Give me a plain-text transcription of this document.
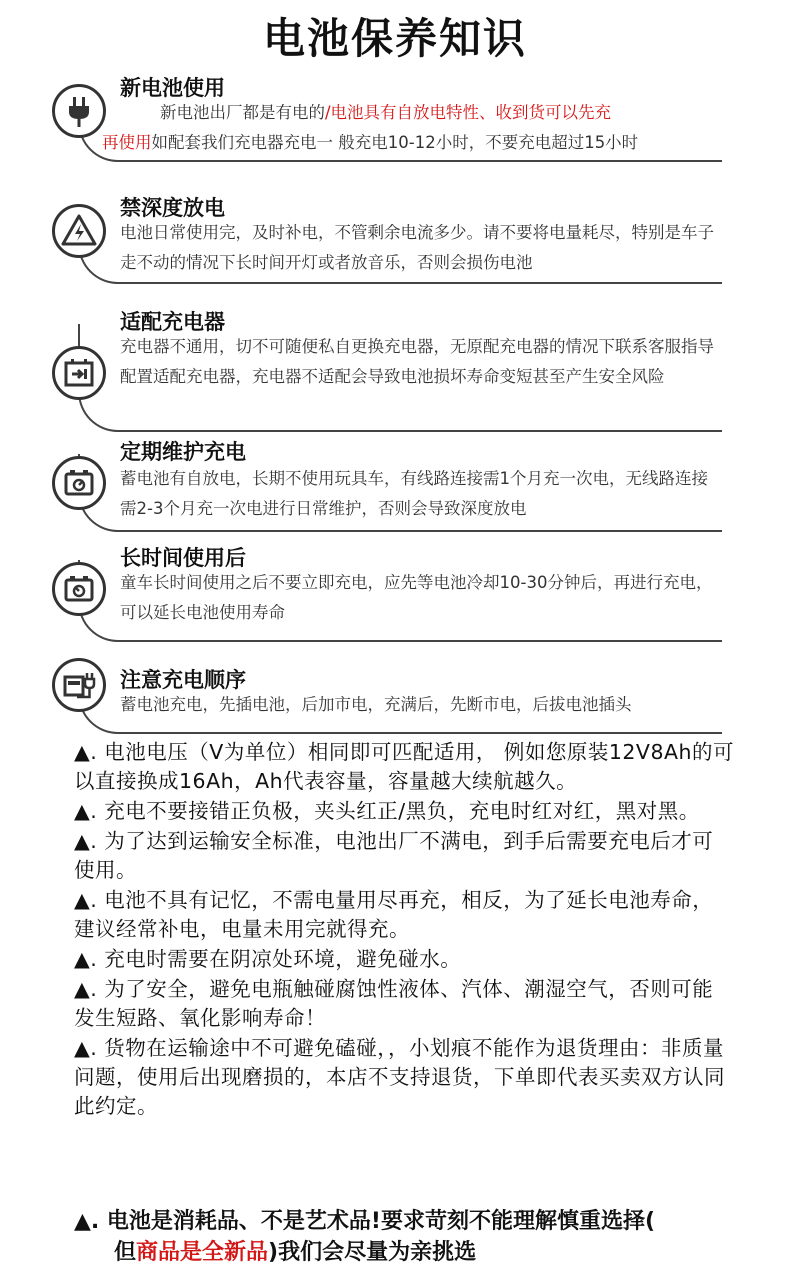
电池保养知识
新电池使用
新电池出厂都是有电的/电池具有自放电特性、收到货可以先充
再使用如配套我们充电器充电一 般充电10-12小时，不要充电超过15小时
禁深度放电
电池日常使用完，及时补电，不管剩余电流多少。请不要将电量耗尽，特别是车子走不动的情况下长时间开灯或者放音乐，否则会损伤电池
适配充电器
充电器不通用，切不可随便私自更换充电器，无原配充电器的情况下联系客服指导配置适配充电器，充电器不适配会导致电池损坏寿命变短甚至产生安全风险
定期维护充电
蓄电池有自放电，长期不使用玩具车，有线路连接需1个月充一次电，无线路连接需2-3个月充一次电进行日常维护，否则会导致深度放电
长时间使用后
童车长时间使用之后不要立即充电，应先等电池冷却10-30分钟后，再进行充电，可以延长电池使用寿命
注意充电顺序
蓄电池充电，先插电池，后加市电，充满后，先断市电，后拔电池插头
▲. 电池电压（V为单位）相同即可匹配适用， 例如您原装12V8Ah的可以直接换成16Ah，Ah代表容量，容量越大续航越久。
▲. 充电不要接错正负极，夹头红正/黑负，充电时红对红，黑对黑。
▲. 为了达到运输安全标准，电池出厂不满电，到手后需要充电后才可使用。
▲. 电池不具有记忆，不需电量用尽再充，相反，为了延长电池寿命，建议经常补电，电量未用完就得充。
▲. 充电时需要在阴凉处环境，避免碰水。
▲. 为了安全，避免电瓶触碰腐蚀性液体、汽体、潮湿空气，否则可能发生短路、氧化影响寿命！
▲. 货物在运输途中不可避免磕碰，，小划痕不能作为退货理由：非质量问题，使用后出现磨损的，本店不支持退货，下单即代表买卖双方认同此约定。
▲. 电池是消耗品、不是艺术品!要求苛刻不能理解慎重选择(
但商品是全新品)我们会尽量为亲挑选
